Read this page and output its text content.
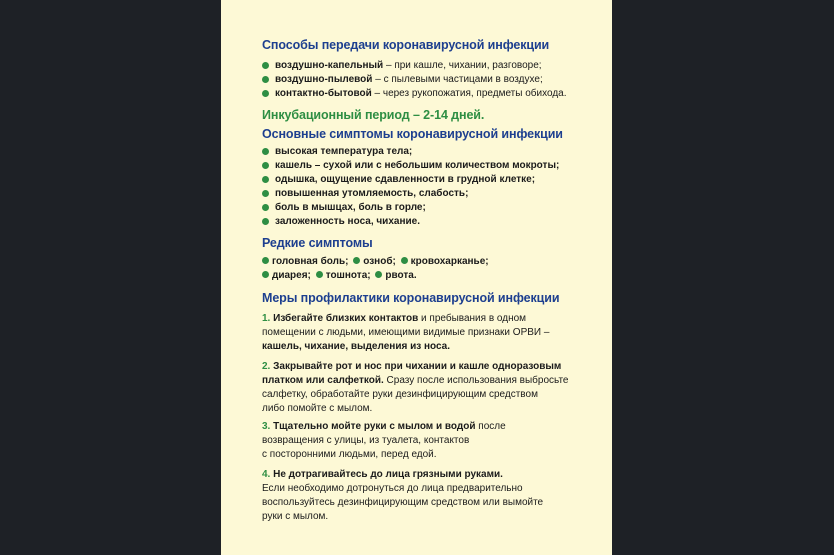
Способы передачи коронавирусной инфекции
воздушно-капельный – при кашле, чихании, разговоре;
воздушно-пылевой – с пылевыми частицами в воздухе;
контактно-бытовой – через рукопожатия, предметы обихода.
Инкубационный период – 2-14 дней.
Основные симптомы коронавирусной инфекции
высокая температура тела;
кашель – сухой или с небольшим количеством мокроты;
одышка, ощущение сдавленности в грудной клетке;
повышенная утомляемость, слабость;
боль в мышцах, боль в горле;
заложенность носа, чихание.
Редкие симптомы
головная боль; озноб; кровохарканье;
диарея; тошнота; рвота.
Меры профилактики коронавирусной инфекции
1. Избегайте близких контактов и пребывания в одном
помещении с людьми, имеющими видимые признаки ОРВИ –
кашель, чихание, выделения из носа.
2. Закрывайте рот и нос при чихании и кашле одноразовым
платком или салфеткой. Сразу после использования выбросьте
салфетку, обработайте руки дезинфицирующим средством
либо помойте с мылом.
3. Тщательно мойте руки с мылом и водой после
возвращения с улицы, из туалета, контактов
с посторонними людьми, перед едой.
4. Не дотрагивайтесь до лица грязными руками.
Если необходимо дотронуться до лица предварительно
воспользуйтесь дезинфицирующим средством или вымойте
руки с мылом.
